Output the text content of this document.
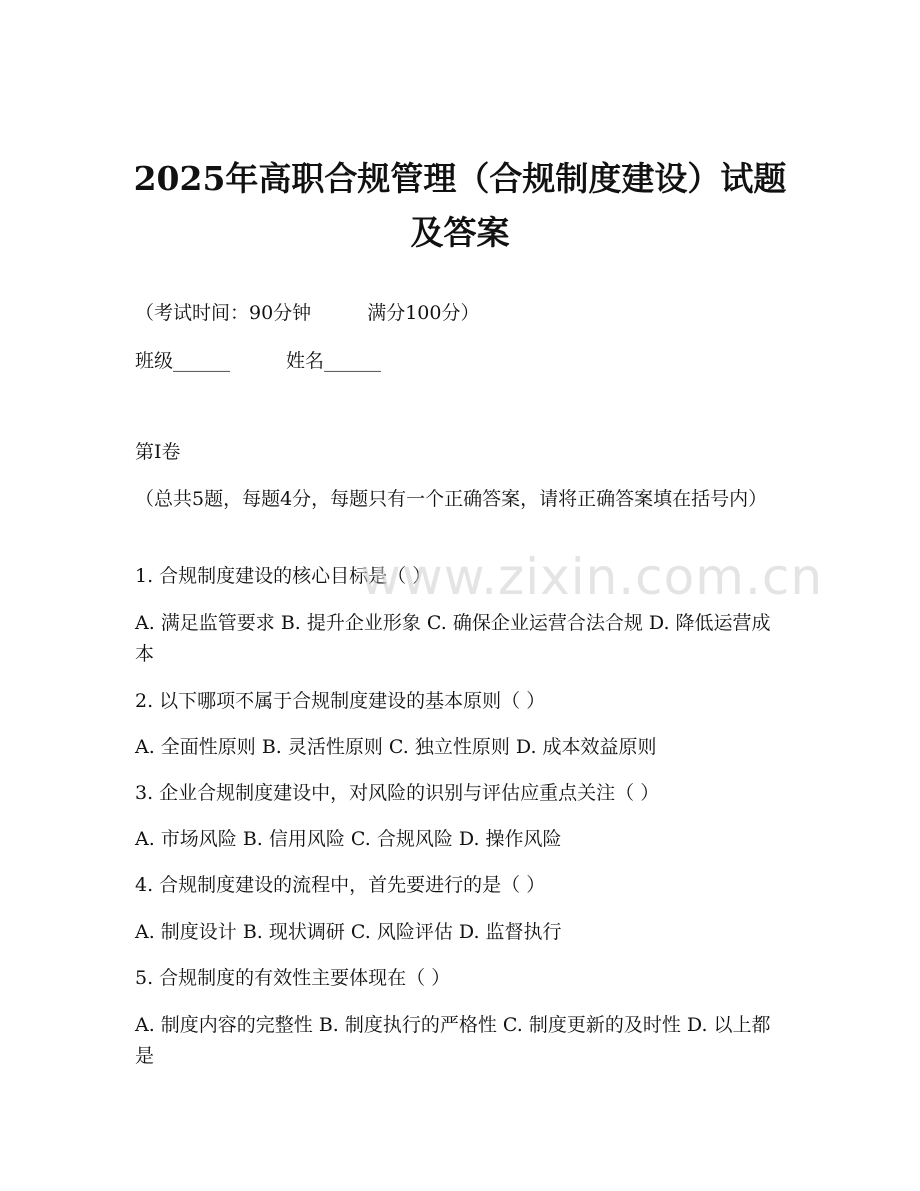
2025年高职合规管理（合规制度建设）试题
及答案
（考试时间：90分钟	满分100分）
班级______	姓名______
第I卷
（总共5题，每题4分，每题只有一个正确答案，请将正确答案填在括号内）
1. 合规制度建设的核心目标是（ ）
A. 满足监管要求 B. 提升企业形象 C. 确保企业运营合法合规 D. 降低运营成本
2. 以下哪项不属于合规制度建设的基本原则（ ）
A. 全面性原则 B. 灵活性原则 C. 独立性原则 D. 成本效益原则
3. 企业合规制度建设中，对风险的识别与评估应重点关注（ ）
A. 市场风险 B. 信用风险 C. 合规风险 D. 操作风险
4. 合规制度建设的流程中，首先要进行的是（ ）
A. 制度设计 B. 现状调研 C. 风险评估 D. 监督执行
5. 合规制度的有效性主要体现在（ ）
A. 制度内容的完整性 B. 制度执行的严格性 C. 制度更新的及时性 D. 以上都是
www.zixin.com.cn
